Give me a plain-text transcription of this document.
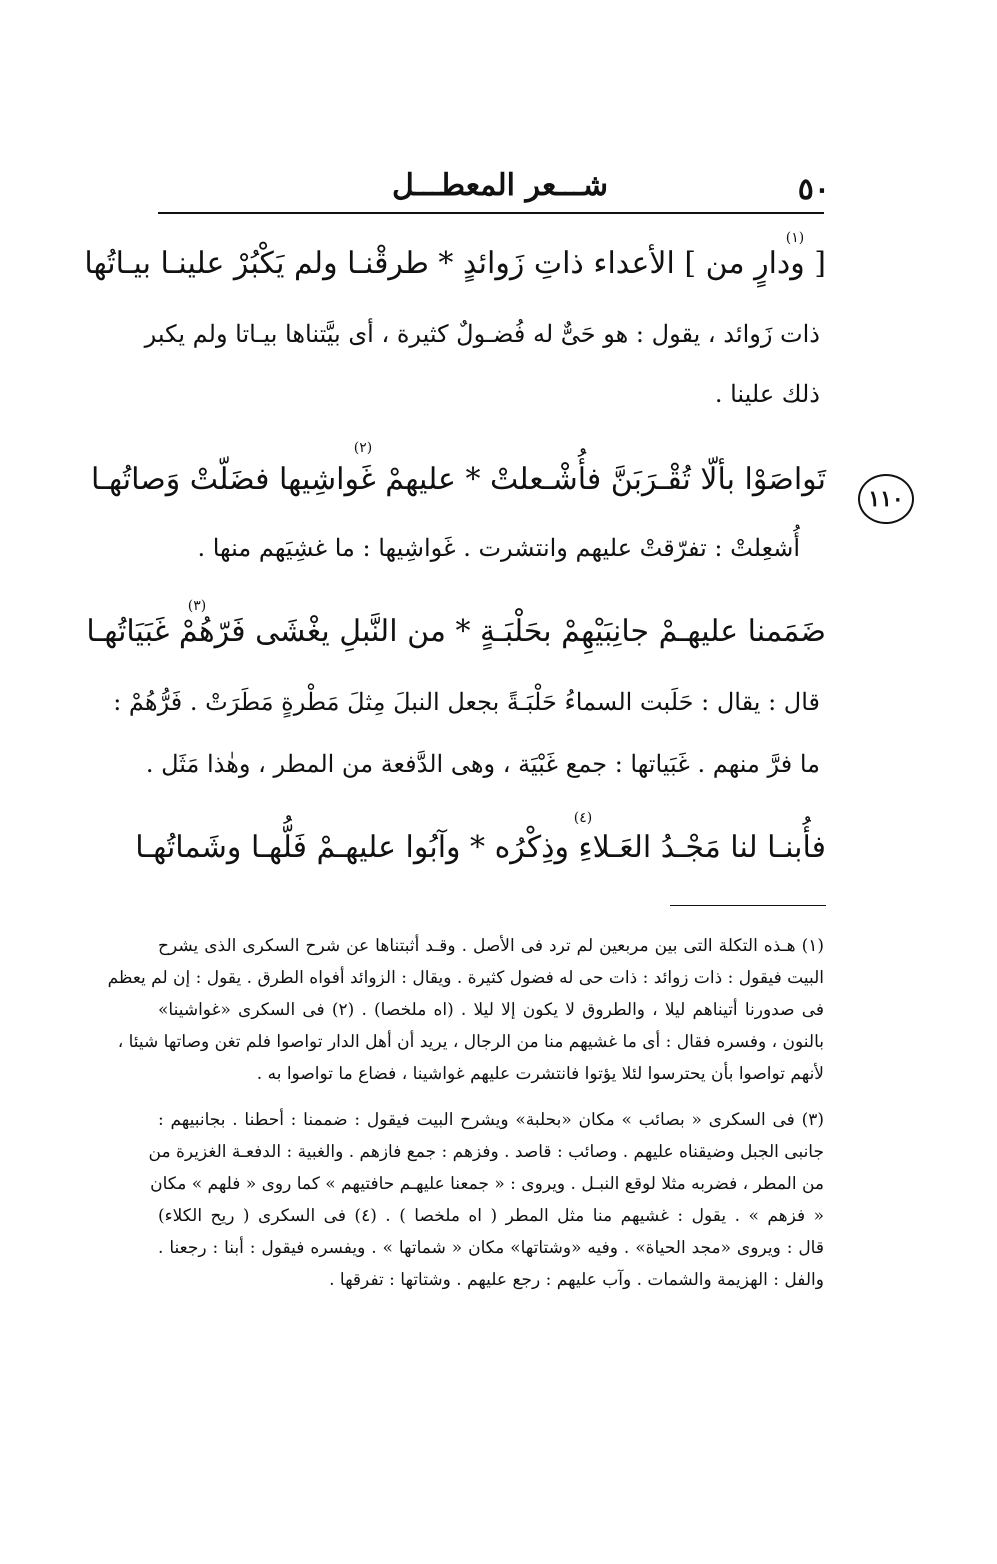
٥٠
شـــعر المعطـــل
(١)
[ ودارٍ من ] الأعداء ذاتِ زَوائدٍ * طرقْنـا ولم يَكْبُرْ علينـا بيـاتُها
ذات زَوائد ، يقول : هو حَىٌّ له فُضـولٌ كثيرة ، أى بيَّتناها بيـاتا ولم يكبر
ذلك علينا .
١١٠
(٢)
تَواصَوْا بألّا تُقْـرَبَنَّ فأُشْـعلتْ * عليهمْ غَواشِيها فضَلّتْ وَصاتُهـا
أُشعِلتْ : تفرّقتْ عليهم وانتشرت . غَواشِيها : ما غشِيَهم منها .
(٣)
ضَمَمنا عليهـمْ جانِبَيْهِمْ بحَلْبَـةٍ * من النَّبلِ يغْشَى فَرّهُمْ غَبَيَاتُهـا
قال : يقال : حَلَبت السماءُ حَلْبَـةً بجعل النبلَ مِثلَ مَطْرةٍ مَطَرَتْ . فَرُّهُمْ :
ما فرَّ منهم . غَبَياتها : جمع غَبْيَة ، وهى الدَّفعة من المطر ، وهٰذا مَثَل .
(٤)
فأُبنـا لنا مَجْـدُ العَـلاءِ وذِكْرُه * وآبُوا عليهـمْ فَلُّهـا وشَماتُهـا
(١) هـذه التكلة التى بين مربعين لم ترد فى الأصل . وقـد أثبتناها عن شرح السكرى الذى يشرح
البيت فيقول : ذات زوائد : ذات حى له فضول كثيرة . ويقال : الزوائد أفواه الطرق . يقول : إن لم يعظم
فى صدورنا أتيناهم ليلا ، والطروق لا يكون إلا ليلا . (اه ملخصا) . (٢) فى السكرى «غواشينا»
بالنون ، وفسره فقال : أى ما غشيهم منا من الرجال ، يريد أن أهل الدار تواصوا فلم تغن وصاتها شيئا ،
لأنهم تواصوا بأن يحترسوا لئلا يؤتوا فانتشرت عليهم غواشينا ، فضاع ما تواصوا به .
(٣) فى السكرى « بصائب » مكان «بحلبة» ويشرح البيت فيقول : ضممنا : أحطنا . بجانبيهم :
جانبى الجبل وضيقناه عليهم . وصائب : قاصد . وفزهم : جمع فازهم . والغبية : الدفعـة الغزيرة من
من المطر ، فضربه مثلا لوقع النبـل . ويروى : « جمعنا عليهـم حافتيهم » كما روى « فلهم » مكان
« فزهم » . يقول : غشيهم منا مثل المطر ( اه ملخصا ) . (٤) فى السكرى ( ريح الكلاء)
قال : ويروى «مجد الحياة» . وفيه «وشتاتها» مكان « شماتها » . ويفسره فيقول : أبنا : رجعنا .
والفل : الهزيمة والشمات . وآب عليهم : رجع عليهم . وشتاتها : تفرقها .
